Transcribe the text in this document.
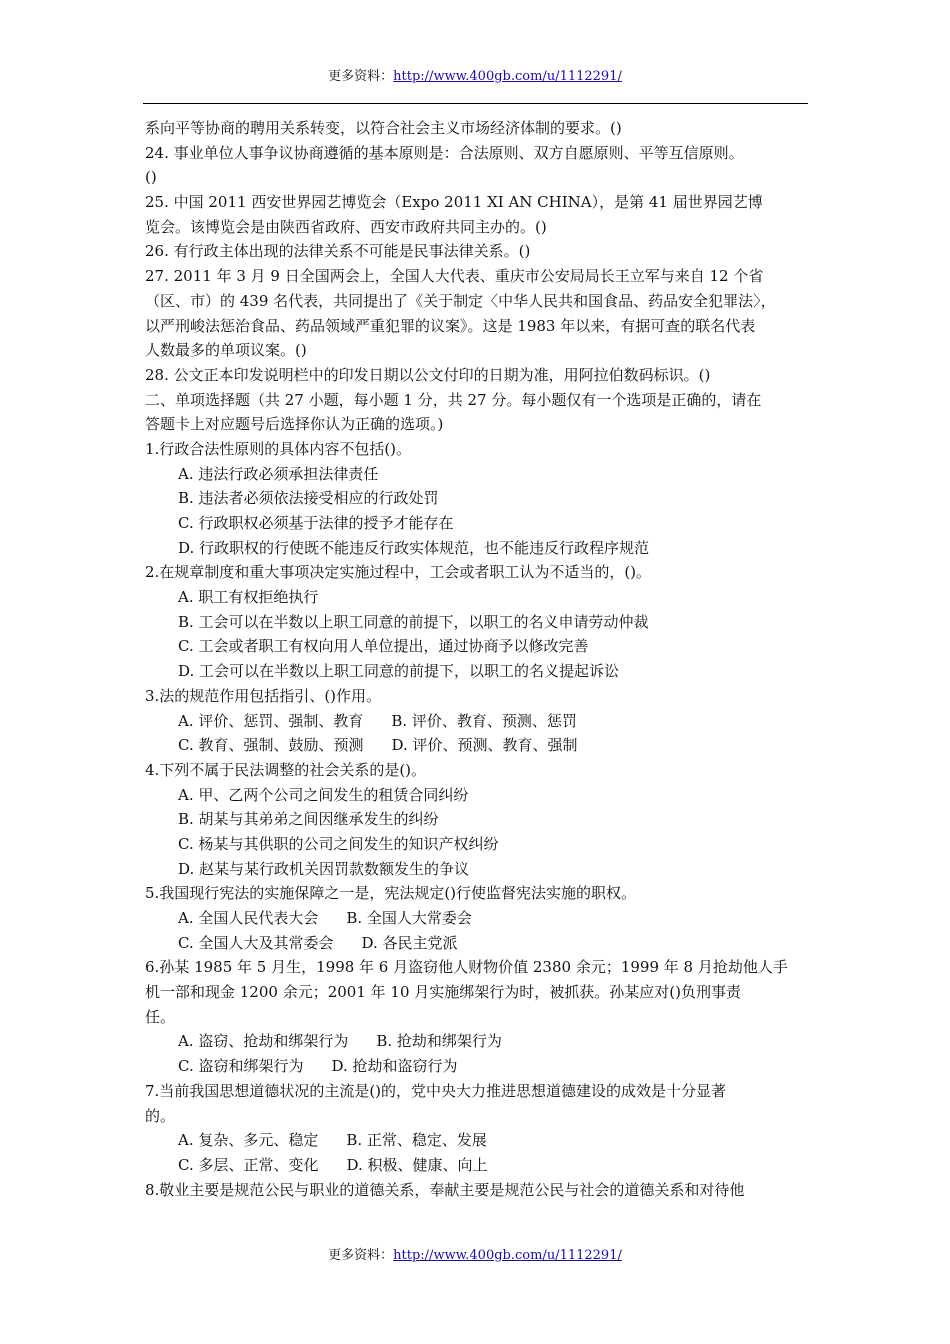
更多资料：http://www.400gb.com/u/1112291/
系向平等协商的聘用关系转变，以符合社会主义市场经济体制的要求。()
24. 事业单位人事争议协商遵循的基本原则是：合法原则、双方自愿原则、平等互信原则。
()
25. 中国 2011 西安世界园艺博览会（Expo 2011 XI AN CHINA），是第 41 届世界园艺博
览会。该博览会是由陕西省政府、西安市政府共同主办的。()
26. 有行政主体出现的法律关系不可能是民事法律关系。()
27. 2011 年 3 月 9 日全国两会上，全国人大代表、重庆市公安局局长王立军与来自 12 个省
（区、市）的 439 名代表，共同提出了《关于制定〈中华人民共和国食品、药品安全犯罪法〉，
以严刑峻法惩治食品、药品领域严重犯罪的议案》。这是 1983 年以来，有据可查的联名代表
人数最多的单项议案。()
28. 公文正本印发说明栏中的印发日期以公文付印的日期为准，用阿拉伯数码标识。()
二、单项选择题（共 27 小题，每小题 1 分，共 27 分。每小题仅有一个选项是正确的，请在
答题卡上对应题号后选择你认为正确的选项。)
1.行政合法性原则的具体内容不包括()。
A. 违法行政必须承担法律责任
B. 违法者必须依法接受相应的行政处罚
C. 行政职权必须基于法律的授予才能存在
D. 行政职权的行使既不能违反行政实体规范，也不能违反行政程序规范
2.在规章制度和重大事项决定实施过程中，工会或者职工认为不适当的，()。
A. 职工有权拒绝执行
B. 工会可以在半数以上职工同意的前提下，以职工的名义申请劳动仲裁
C. 工会或者职工有权向用人单位提出，通过协商予以修改完善
D. 工会可以在半数以上职工同意的前提下，以职工的名义提起诉讼
3.法的规范作用包括指引、()作用。
A. 评价、惩罚、强制、教育 B. 评价、教育、预测、惩罚
C. 教育、强制、鼓励、预测 D. 评价、预测、教育、强制
4.下列不属于民法调整的社会关系的是()。
A. 甲、乙两个公司之间发生的租赁合同纠纷
B. 胡某与其弟弟之间因继承发生的纠纷
C. 杨某与其供职的公司之间发生的知识产权纠纷
D. 赵某与某行政机关因罚款数额发生的争议
5.我国现行宪法的实施保障之一是，宪法规定()行使监督宪法实施的职权。
A. 全国人民代表大会 B. 全国人大常委会
C. 全国人大及其常委会 D. 各民主党派
6.孙某 1985 年 5 月生，1998 年 6 月盗窃他人财物价值 2380 余元；1999 年 8 月抢劫他人手
机一部和现金 1200 余元；2001 年 10 月实施绑架行为时，被抓获。孙某应对()负刑事责
任。
A. 盗窃、抢劫和绑架行为 B. 抢劫和绑架行为
C. 盗窃和绑架行为 D. 抢劫和盗窃行为
7.当前我国思想道德状况的主流是()的，党中央大力推进思想道德建设的成效是十分显著
的。
A. 复杂、多元、稳定 B. 正常、稳定、发展
C. 多层、正常、变化 D. 积极、健康、向上
8.敬业主要是规范公民与职业的道德关系，奉献主要是规范公民与社会的道德关系和对待他
更多资料：http://www.400gb.com/u/1112291/
